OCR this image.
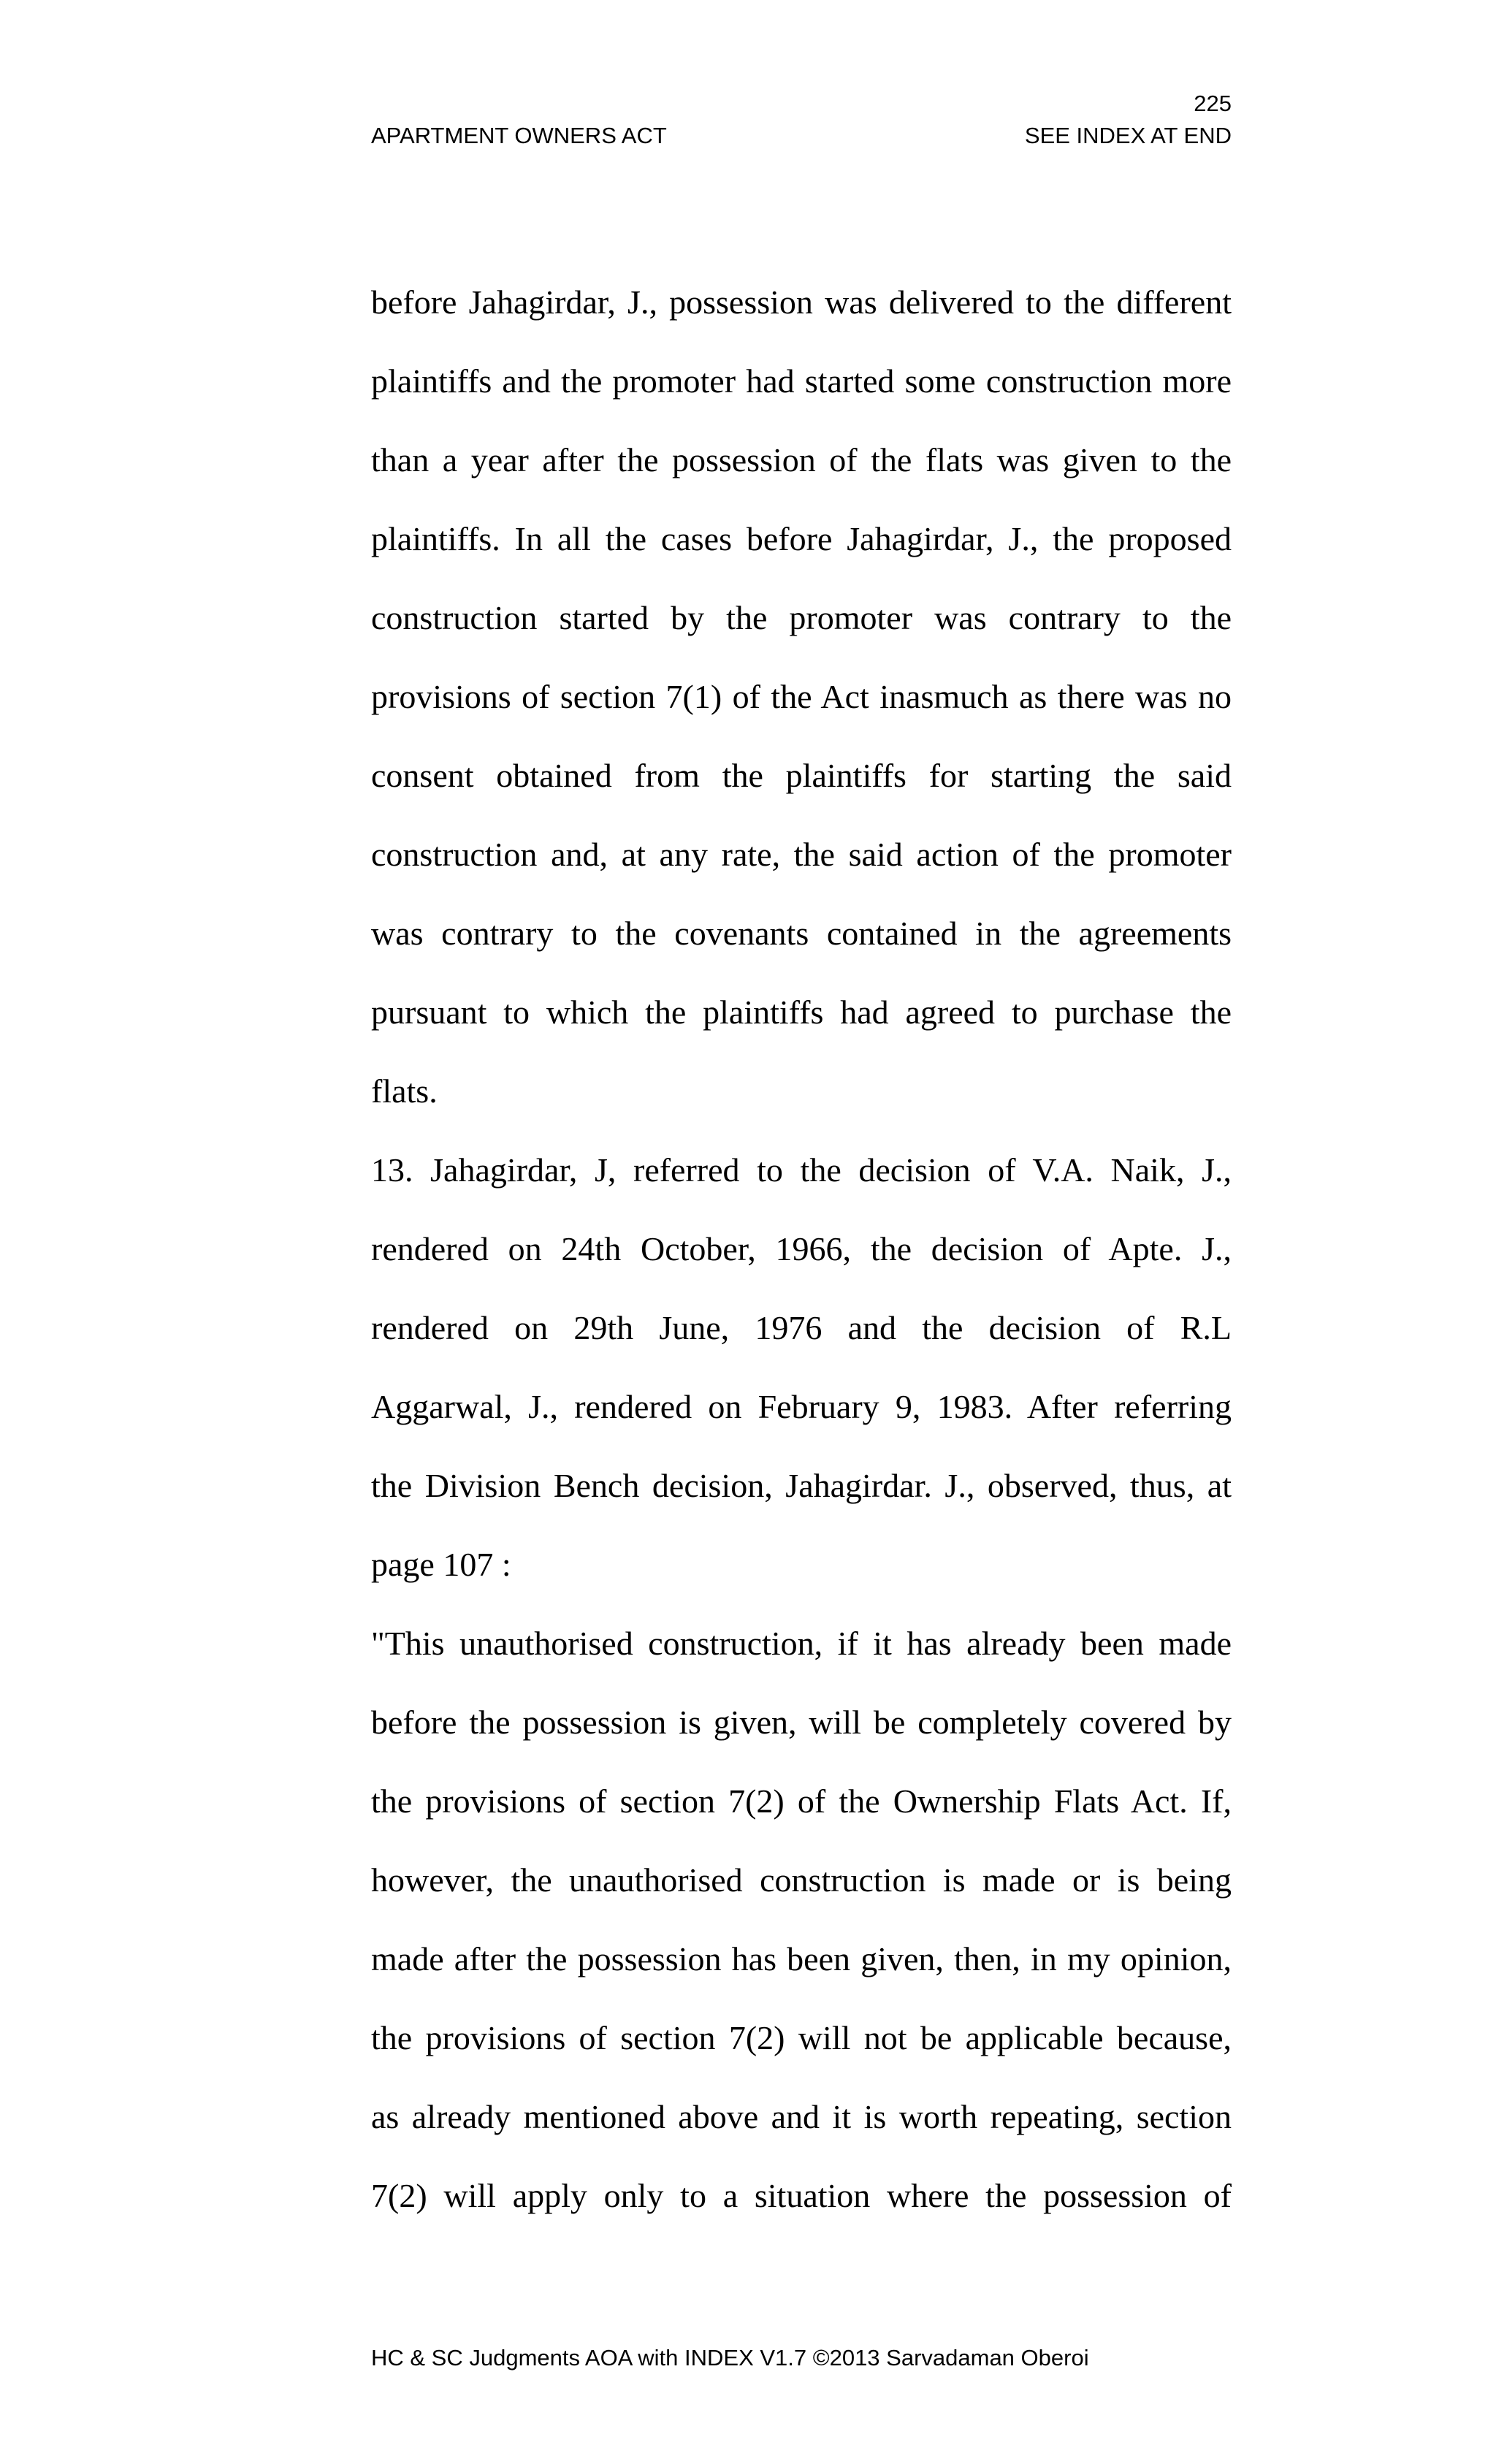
225
APARTMENT OWNERS ACT	SEE INDEX AT END
before Jahagirdar, J., possession was delivered to the different
plaintiffs and the promoter had started some construction more
than a year after the possession of the flats was given to the
plaintiffs. In all the cases before Jahagirdar, J., the proposed
construction started by the promoter was contrary to the
provisions of section 7(1) of the Act inasmuch as there was no
consent obtained from the plaintiffs for starting the said
construction and, at any rate, the said action of the promoter
was contrary to the covenants contained in the agreements
pursuant to which the plaintiffs had agreed to purchase the
flats.
13. Jahagirdar, J, referred to the decision of V.A. Naik, J.,
rendered on 24th October, 1966, the decision of Apte. J.,
rendered on 29th June, 1976 and the decision of R.L
Aggarwal, J., rendered on February 9, 1983. After referring
the Division Bench decision, Jahagirdar. J., observed, thus, at
page 107 :
"This unauthorised construction, if it has already been made
before the possession is given, will be completely covered by
the provisions of section 7(2) of the Ownership Flats Act. If,
however, the unauthorised construction is made or is being
made after the possession has been given, then, in my opinion,
the provisions of section 7(2) will not be applicable because,
as already mentioned above and it is worth repeating, section
7(2) will apply only to a situation where the possession of
HC & SC Judgments AOA with INDEX V1.7 ©2013 Sarvadaman Oberoi
